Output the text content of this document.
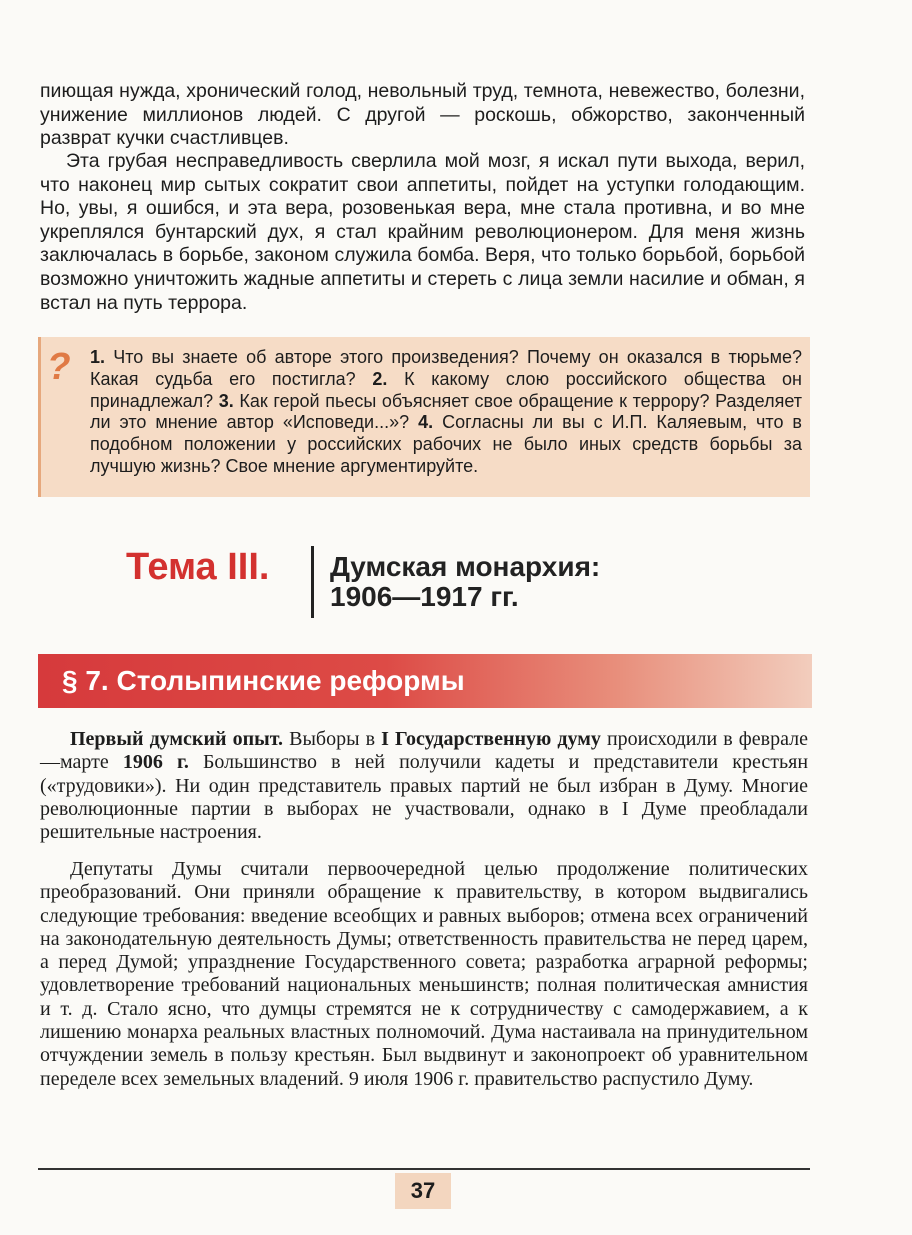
пиющая нужда, хронический голод, невольный труд, темнота, невежество, болезни, унижение миллионов людей. С другой — роскошь, обжорство, законченный разврат кучки счастливцев.

Эта грубая несправедливость сверлила мой мозг, я искал пути выхода, верил, что наконец мир сытых сократит свои аппетиты, пойдет на уступки голодающим. Но, увы, я ошибся, и эта вера, розовенькая вера, мне стала противна, и во мне укреплялся бунтарский дух, я стал крайним революционером. Для меня жизнь заключалась в борьбе, законом служила бомба. Веря, что только борьбой, борьбой возможно уничтожить жадные аппетиты и стереть с лица земли насилие и обман, я встал на путь террора.

? 1. Что вы знаете об авторе этого произведения? Почему он оказался в тюрьме? Какая судьба его постигла? 2. К какому слою российского общества он принадлежал? 3. Как герой пьесы объясняет свое обращение к террору? Разделяет ли это мнение автор «Исповеди...»? 4. Согласны ли вы с И.П. Каляевым, что в подобном положении у российских рабочих не было иных средств борьбы за лучшую жизнь? Свое мнение аргументируйте.
Тема III. Думская монархия:
1906—1917 гг.
§ 7. Столыпинские реформы

Первый думский опыт. Выборы в I Государственную думу происходили в феврале—марте 1906 г. Большинство в ней получили кадеты и представители крестьян («трудовики»). Ни один представитель правых партий не был избран в Думу. Многие революционные партии в выборах не участвовали, однако в I Думе преобладали решительные настроения.

Депутаты Думы считали первоочередной целью продолжение политических преобразований. Они приняли обращение к правительству, в котором выдвигались следующие требования: введение всеобщих и равных выборов; отмена всех ограничений на законодательную деятельность Думы; ответственность правительства не перед царем, а перед Думой; упразднение Государственного совета; разработка аграрной реформы; удовлетворение требований национальных меньшинств; полная политическая амнистия и т. д. Стало ясно, что думцы стремятся не к сотрудничеству с самодержавием, а к лишению монарха реальных властных полномочий. Дума настаивала на принудительном отчуждении земель в пользу крестьян. Был выдвинут и законопроект об уравнительном переделе всех земельных владений. 9 июля 1906 г. правительство распустило Думу.

37
